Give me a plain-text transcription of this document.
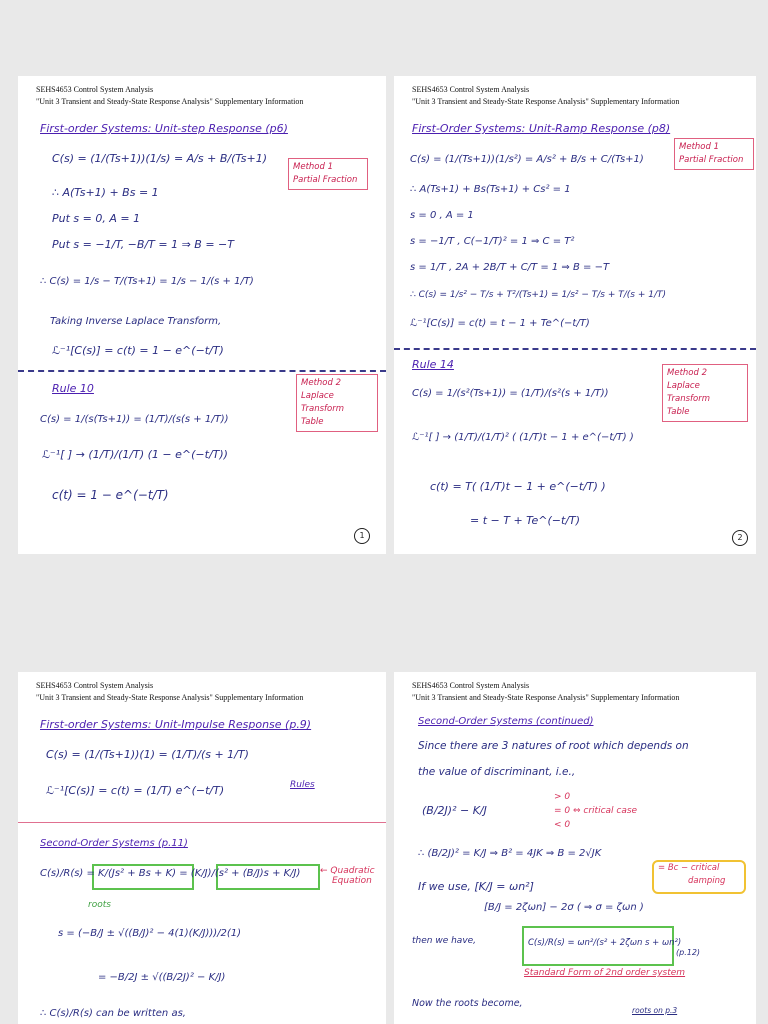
SEHS4653 Control System Analysis
"Unit 3 Transient and Steady-State Response Analysis" Supplementary Information
First-order Systems: Unit-step Response (p6)
C(s) = (1/(Ts+1))(1/s) = A/s + B/(Ts+1)
Method 1
Partial Fraction
∴ A(Ts+1) + Bs = 1
Put s = 0, A = 1
Put s = −1/T, −B/T = 1 ⇒ B = −T
∴ C(s) = 1/s − T/(Ts+1) = 1/s − 1/(s + 1/T)
Taking Inverse Laplace Transform,
ℒ⁻¹[C(s)] = c(t) = 1 − e^(−t/T)
Rule 10	Method 2
Laplace Transform
Table
C(s) = 1/(s(Ts+1)) = (1/T)/(s(s + 1/T))
ℒ⁻¹[ ] → (1/T)/(1/T) (1 − e^(−t/T))
c(t) = 1 − e^(−t/T)
1
SEHS4653 Control System Analysis
"Unit 3 Transient and Steady-State Response Analysis" Supplementary Information
First-Order Systems: Unit-Ramp Response (p8)
Method 1
Partial Fraction
C(s) = (1/(Ts+1))(1/s²) = A/s² + B/s + C/(Ts+1)
∴ A(Ts+1) + Bs(Ts+1) + Cs² = 1
s = 0 , A = 1
s = −1/T , C(−1/T)² = 1 ⇒ C = T²
s = 1/T , 2A + 2B/T + C/T = 1 ⇒ B = −T
∴ C(s) = 1/s² − T/s + T²/(Ts+1) = 1/s² − T/s + T/(s + 1/T)
ℒ⁻¹[C(s)] = c(t) = t − 1 + Te^(−t/T)
Rule 14
Method 2
Laplace Transform
Table
C(s) = 1/(s²(Ts+1)) = (1/T)/(s²(s + 1/T))
ℒ⁻¹[ ] → (1/T)/(1/T)² ( (1/T)t − 1 + e^(−t/T) )
c(t) = T( (1/T)t − 1 + e^(−t/T) )
= t − T + Te^(−t/T)
2
SEHS4653 Control System Analysis
"Unit 3 Transient and Steady-State Response Analysis" Supplementary Information
First-order Systems: Unit-Impulse Response (p.9)
C(s) = (1/(Ts+1))(1) = (1/T)/(s + 1/T)
ℒ⁻¹[C(s)] = c(t) = (1/T) e^(−t/T)	Rules
Second-Order Systems (p.11)
C(s)/R(s) = K/(Js² + Bs + K) = (K/J)/(s² + (B/J)s + K/J) ← Quadratic
Equation
roots
s = (−B/J ± √((B/J)² − 4(1)(K/J)))/2(1)
= −B/2J ± √((B/2J)² − K/J)
∴ C(s)/R(s) can be written as,
SEHS4653 Control System Analysis
"Unit 3 Transient and Steady-State Response Analysis" Supplementary Information
Second-Order Systems (continued)
Since there are 3 natures of root which depends on
the value of discriminant, i.e.,
(B/2J)² − K/J
> 0
= 0 ⇔ critical case
< 0
∴ (B/2J)² = K/J ⇒ B² = 4JK ⇒ B = 2√JK
= Bc − critical
damping
If we use, [K/J = ωn²]
[B/J = 2ζωn] − 2σ ( ⇒ σ = ζωn )
then we have,	C(s)/R(s) = ωn²/(s² + 2ζωn s + ωn²)
(p.12)
Standard Form of 2nd order system
Now the roots become,
roots on p.3
